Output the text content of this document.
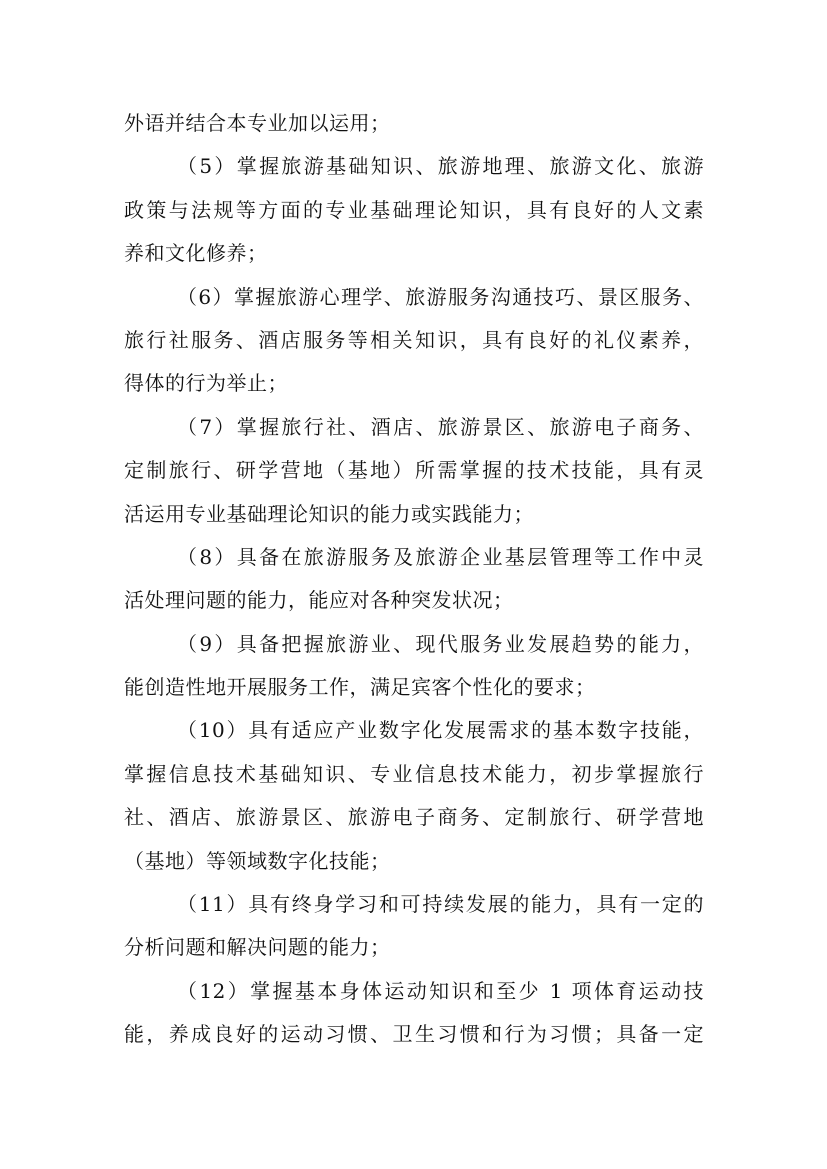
外语并结合本专业加以运用；
（5）掌握旅游基础知识、旅游地理、旅游文化、旅游
政策与法规等方面的专业基础理论知识，具有良好的人文素
养和文化修养；
（6）掌握旅游心理学、旅游服务沟通技巧、景区服务、
旅行社服务、酒店服务等相关知识，具有良好的礼仪素养，
得体的行为举止；
（7）掌握旅行社、酒店、旅游景区、旅游电子商务、
定制旅行、研学营地（基地）所需掌握的技术技能，具有灵
活运用专业基础理论知识的能力或实践能力；
（8）具备在旅游服务及旅游企业基层管理等工作中灵
活处理问题的能力，能应对各种突发状况；
（9）具备把握旅游业、现代服务业发展趋势的能力，
能创造性地开展服务工作，满足宾客个性化的要求；
（10）具有适应产业数字化发展需求的基本数字技能，
掌握信息技术基础知识、专业信息技术能力，初步掌握旅行
社、酒店、旅游景区、旅游电子商务、定制旅行、研学营地
（基地）等领域数字化技能；
（11）具有终身学习和可持续发展的能力，具有一定的
分析问题和解决问题的能力；
（12）掌握基本身体运动知识和至少 1 项体育运动技
能，养成良好的运动习惯、卫生习惯和行为习惯；具备一定
